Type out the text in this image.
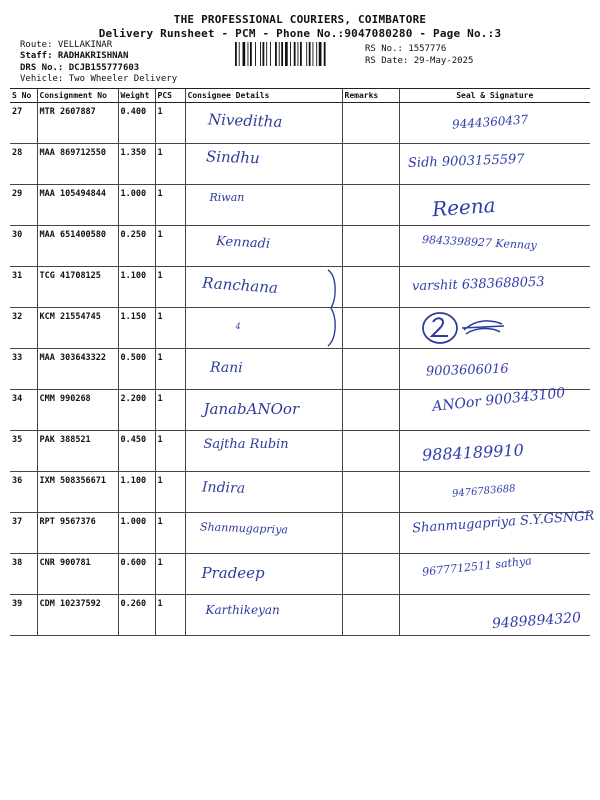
THE PROFESSIONAL COURIERS, COIMBATORE
Delivery Runsheet - PCM - Phone No.:9047080280 - Page No.:3
Route: VELLAKINAR
Staff: RADHAKRISHNAN
DRS No.: DCJB155777603
Vehicle: Two Wheeler Delivery
RS No.: 1557776
RS Date: 29-May-2025
S No	Consignment No	Weight	PCS	Consignee Details	Remarks	Seal & Signature

27	MTR 2607887	0.400	1	Niveditha		9444360437

28	MAA 869712550	1.350	1	Sindhu		Sidh 9003155597

29	MAA 105494844	1.000	1	Riwan		Reena

30	MAA 651400580	0.250	1	Kennadi		9843398927 Kennay

31	TCG 41708125	1.100	1	Ranchana		varshit 6383688053

32	KCM 21554745	1.150	1	4

33	MAA 303643322	0.500	1	Rani		9003606016

34	CMM 990268	2.200	1	JanabANOor		ANOor 900343100

35	PAK 388521	0.450	1	Sajtha Rubin		9884189910

36	IXM 508356671	1.100	1	Indira		9476783688

37	RPT 9567376	1.000	1	Shanmugapriya		Shanmugapriya S.Y.GSNGR

38	CNR 900781	0.600	1	Pradeep		9677712511 sathya

39	CDM 10237592	0.260	1	Karthikeyan		9489894320
